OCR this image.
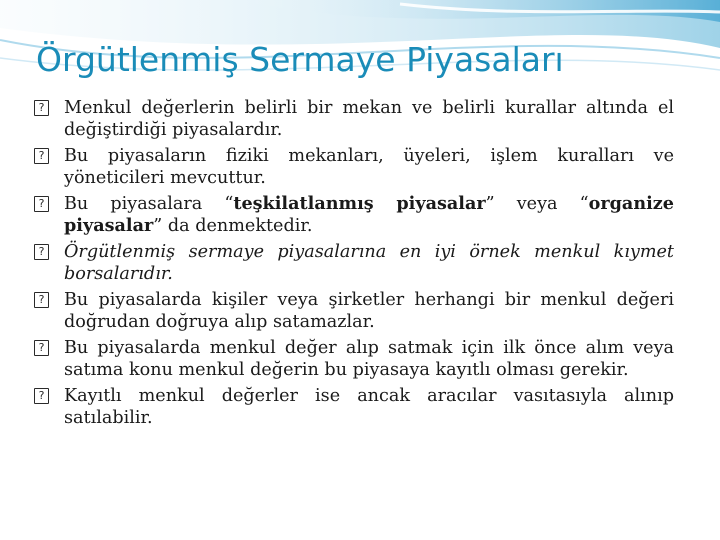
Örgütlenmiş Sermaye Piyasaları
? Menkul değerlerin belirli bir mekan ve belirli kurallar altında el değiştirdiği piyasalardır.
? Bu piyasaların fiziki mekanları, üyeleri, işlem kuralları ve yöneticileri mevcuttur.
? Bu piyasalara “teşkilatlanmış piyasalar” veya “organize piyasalar” da denmektedir.
? Örgütlenmiş sermaye piyasalarına en iyi örnek menkul kıymet borsalarıdır.
? Bu piyasalarda kişiler veya şirketler herhangi bir menkul değeri doğrudan doğruya alıp satamazlar.
? Bu piyasalarda menkul değer alıp satmak için ilk önce alım veya satıma konu menkul değerin bu piyasaya kayıtlı olması gerekir.
? Kayıtlı menkul değerler ise ancak aracılar vasıtasıyla alınıp satılabilir.
